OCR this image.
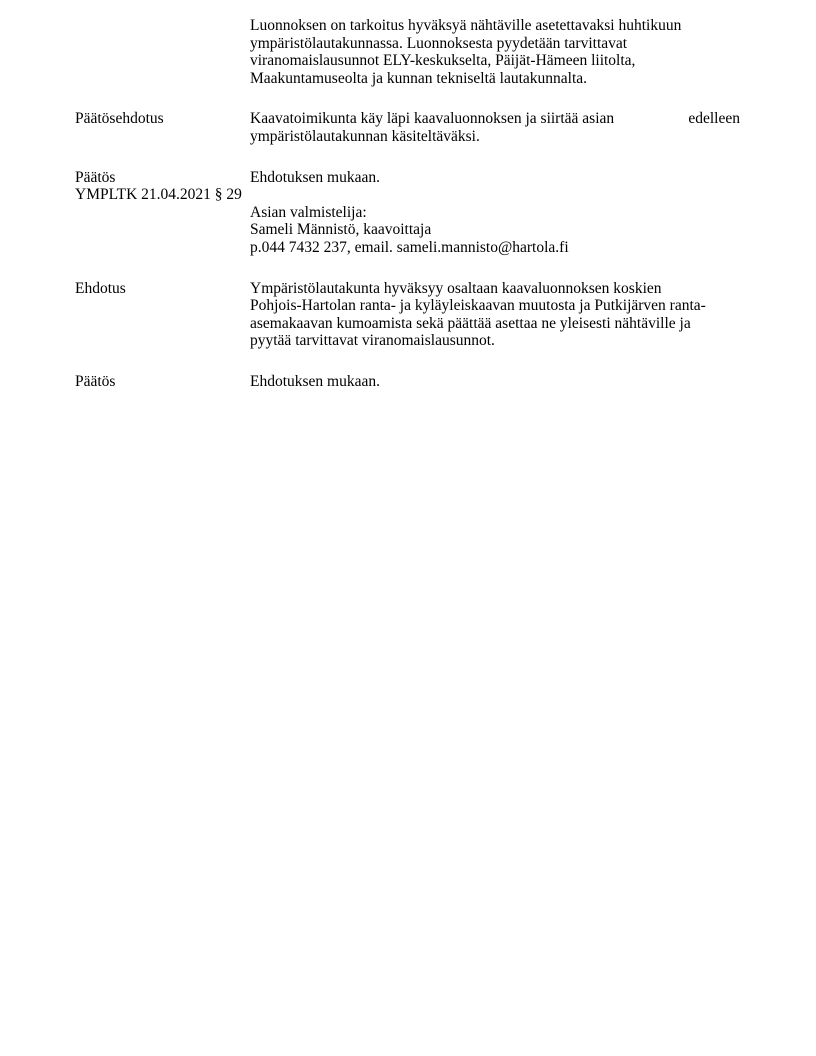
Luonnoksen on tarkoitus hyväksyä nähtäville asetettavaksi huhtikuun
ympäristölautakunnassa. Luonnoksesta pyydetään tarvittavat
viranomaislausunnot ELY-keskukselta, Päijät-Hämeen liitolta,
Maakuntamuseolta ja kunnan tekniseltä lautakunnalta.
Päätösehdotus	Kaavatoimikunta käy läpi kaavaluonnoksen ja siirtää asian	edelleen
ympäristölautakunnan käsiteltäväksi.
Päätös	Ehdotuksen mukaan.
YMPLTK 21.04.2021 § 29
Asian valmistelija:
Sameli Männistö, kaavoittaja
p.044 7432 237, email. sameli.mannisto@hartola.fi
Ehdotus	Ympäristölautakunta hyväksyy osaltaan kaavaluonnoksen koskien
Pohjois-Hartolan ranta- ja kyläyleiskaavan muutosta ja Putkijärven ranta-
asemakaavan kumoamista sekä päättää asettaa ne yleisesti nähtäville ja
pyytää tarvittavat viranomaislausunnot.
Päätös	Ehdotuksen mukaan.
